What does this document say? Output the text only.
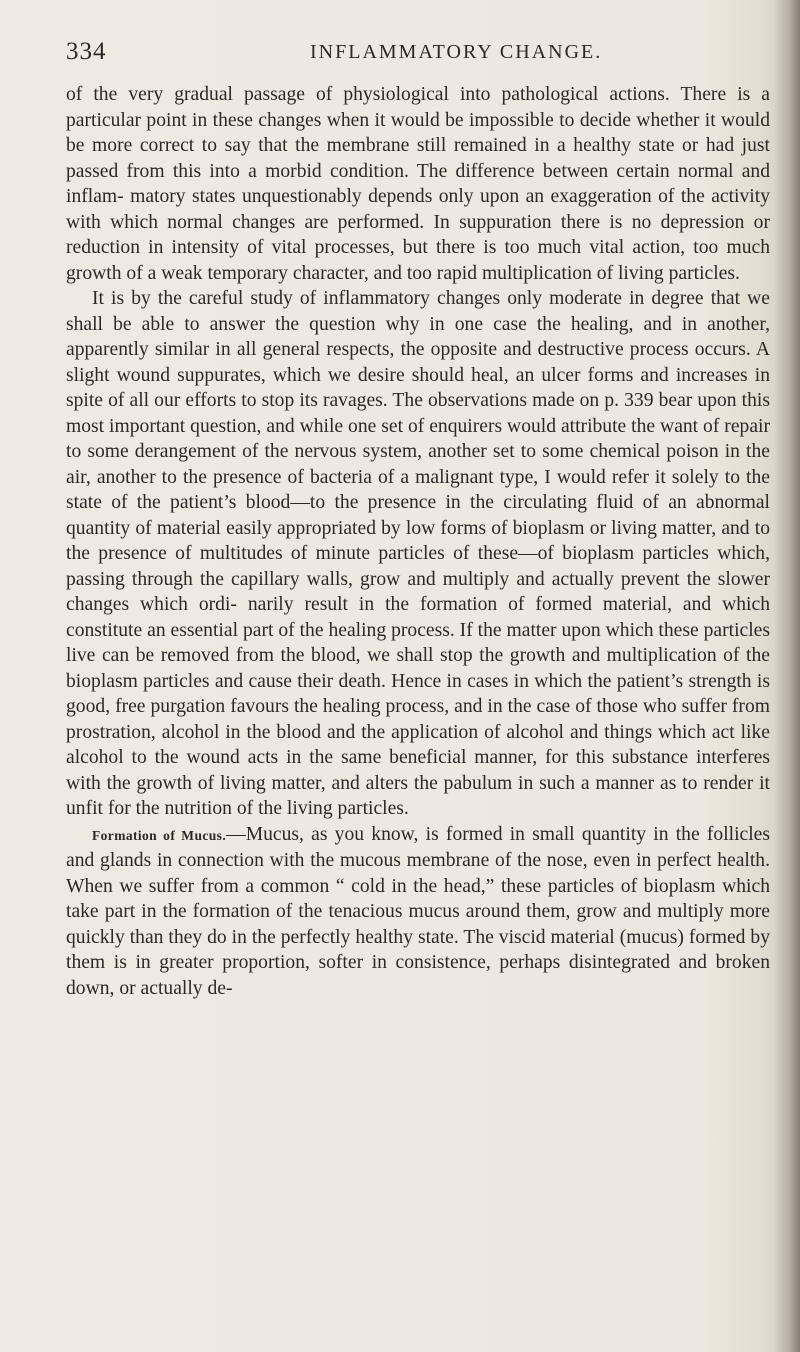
334	INFLAMMATORY CHANGE.

of the very gradual passage of physiological into pathological actions. There is a particular point in these changes when it would be impossible to decide whether it would be more correct to say that the membrane still remained in a healthy state or had just passed from this into a morbid condition. The difference between certain normal and inflam- matory states unquestionably depends only upon an exaggeration of the activity with which normal changes are performed. In suppuration there is no depression or reduction in intensity of vital processes, but there is too much vital action, too much growth of a weak temporary character, and too rapid multiplication of living particles.

It is by the careful study of inflammatory changes only moderate in degree that we shall be able to answer the question why in one case the healing, and in another, apparently similar in all general respects, the opposite and destructive process occurs. A slight wound suppurates, which we desire should heal, an ulcer forms and increases in spite of all our efforts to stop its ravages. The observations made on p. 339 bear upon this most important question, and while one set of enquirers would attribute the want of repair to some derangement of the nervous system, another set to some chemical poison in the air, another to the presence of bacteria of a malignant type, I would refer it solely to the state of the patient’s blood—to the presence in the circulating fluid of an abnormal quantity of material easily appropriated by low forms of bioplasm or living matter, and to the presence of multitudes of minute particles of these—of bioplasm particles which, passing through the capillary walls, grow and multiply and actually prevent the slower changes which ordi- narily result in the formation of formed material, and which constitute an essential part of the healing process. If the matter upon which these particles live can be removed from the blood, we shall stop the growth and multiplication of the bioplasm particles and cause their death. Hence in cases in which the patient’s strength is good, free purgation favours the healing process, and in the case of those who suffer from prostration, alcohol in the blood and the application of alcohol and things which act like alcohol to the wound acts in the same beneficial manner, for this substance interferes with the growth of living matter, and alters the pabulum in such a manner as to render it unfit for the nutrition of the living particles.

Formation of Mucus.—Mucus, as you know, is formed in small quantity in the follicles and glands in connection with the mucous membrane of the nose, even in perfect health. When we suffer from a common “ cold in the head,” these particles of bioplasm which take part in the formation of the tenacious mucus around them, grow and multiply more quickly than they do in the perfectly healthy state. The viscid material (mucus) formed by them is in greater proportion, softer in consistence, perhaps disintegrated and broken down, or actually de-
